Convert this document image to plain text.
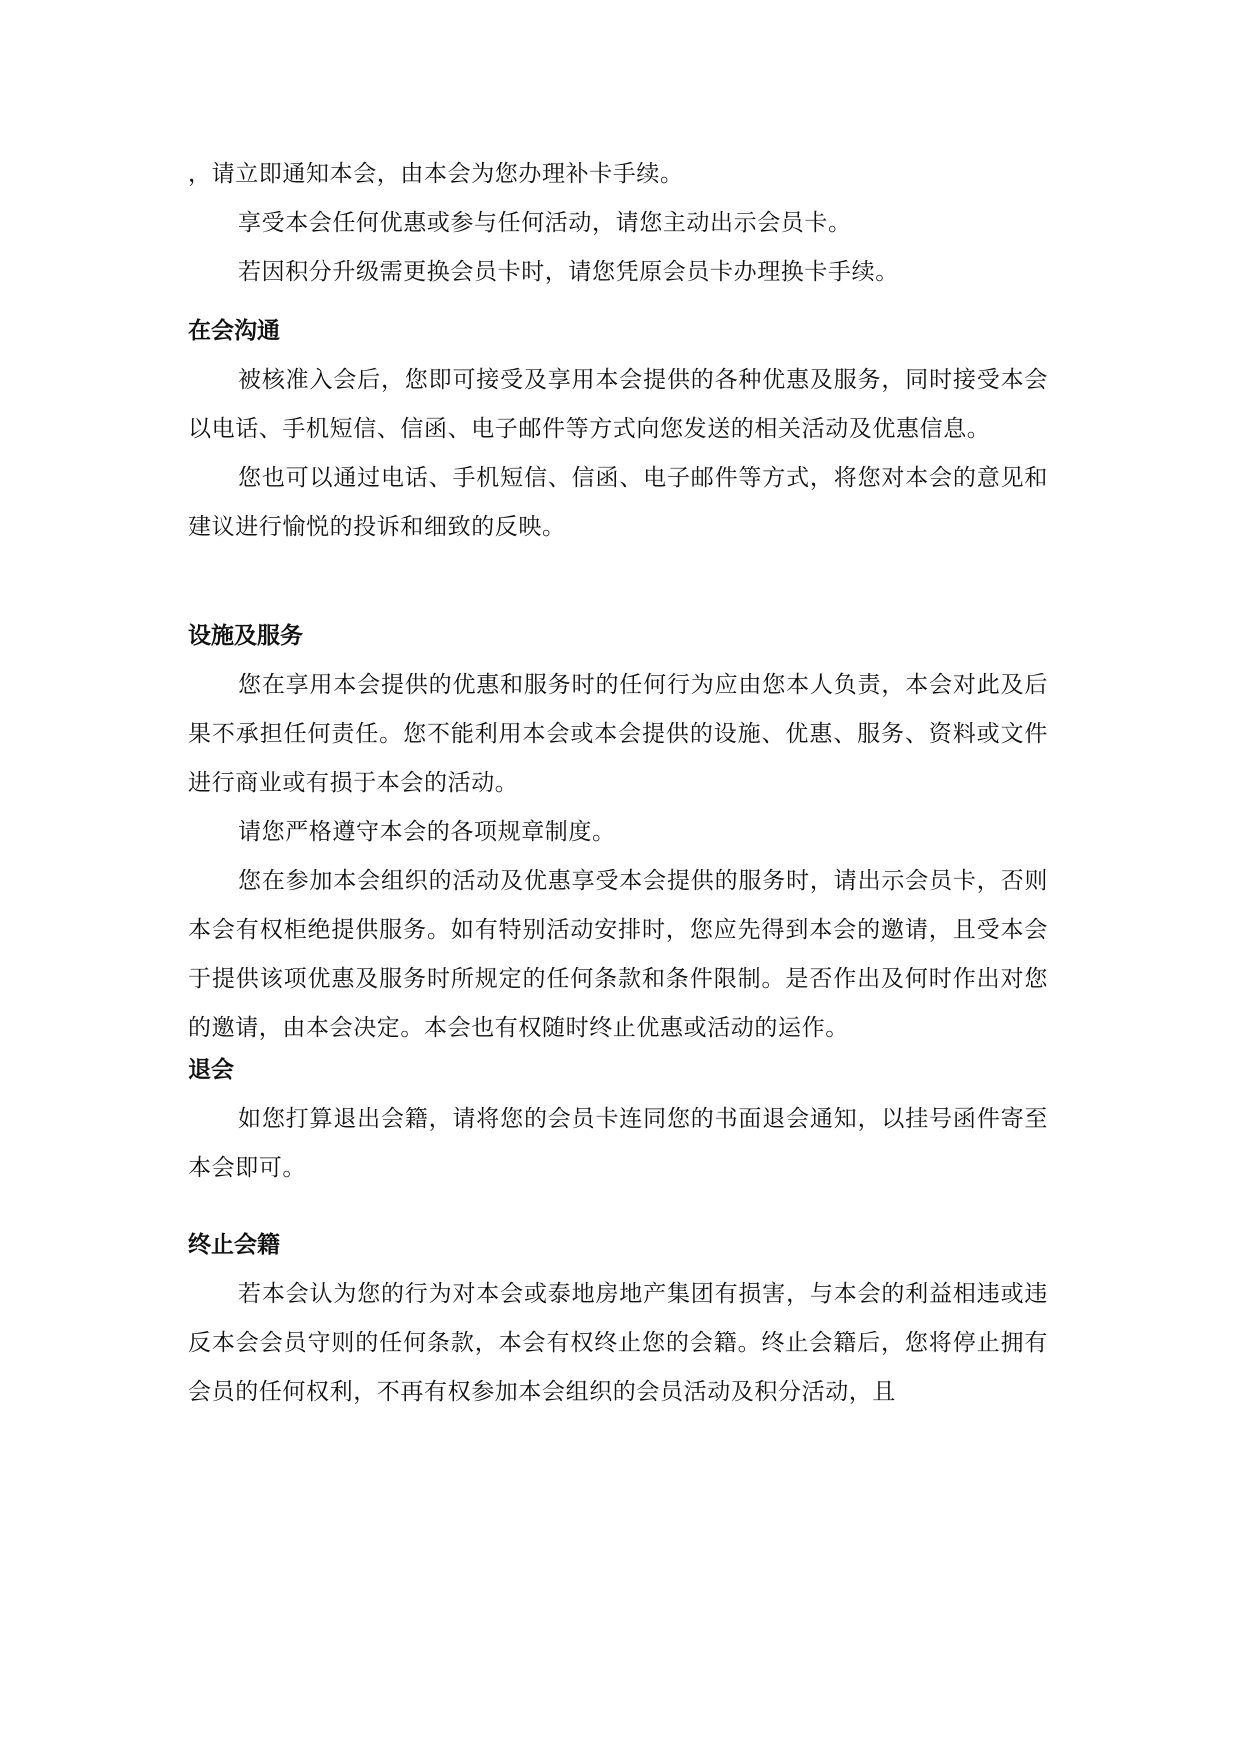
，请立即通知本会，由本会为您办理补卡手续。

享受本会任何优惠或参与任何活动，请您主动出示会员卡。

若因积分升级需更换会员卡时，请您凭原会员卡办理换卡手续。

在会沟通

被核准入会后，您即可接受及享用本会提供的各种优惠及服务，同时接受本会以电话、手机短信、信函、电子邮件等方式向您发送的相关活动及优惠信息。

您也可以通过电话、手机短信、信函、电子邮件等方式，将您对本会的意见和建议进行愉悦的投诉和细致的反映。

设施及服务

您在享用本会提供的优惠和服务时的任何行为应由您本人负责，本会对此及后果不承担任何责任。您不能利用本会或本会提供的设施、优惠、服务、资料或文件进行商业或有损于本会的活动。

请您严格遵守本会的各项规章制度。

您在参加本会组织的活动及优惠享受本会提供的服务时，请出示会员卡，否则本会有权柜绝提供服务。如有特别活动安排时，您应先得到本会的邀请，且受本会于提供该项优惠及服务时所规定的任何条款和条件限制。是否作出及何时作出对您的邀请，由本会决定。本会也有权随时终止优惠或活动的运作。

退会

如您打算退出会籍，请将您的会员卡连同您的书面退会通知，以挂号函件寄至本会即可。

终止会籍

若本会认为您的行为对本会或泰地房地产集团有损害，与本会的利益相违或违反本会会员守则的任何条款，本会有权终止您的会籍。终止会籍后，您将停止拥有会员的任何权利，不再有权参加本会组织的会员活动及积分活动，且
